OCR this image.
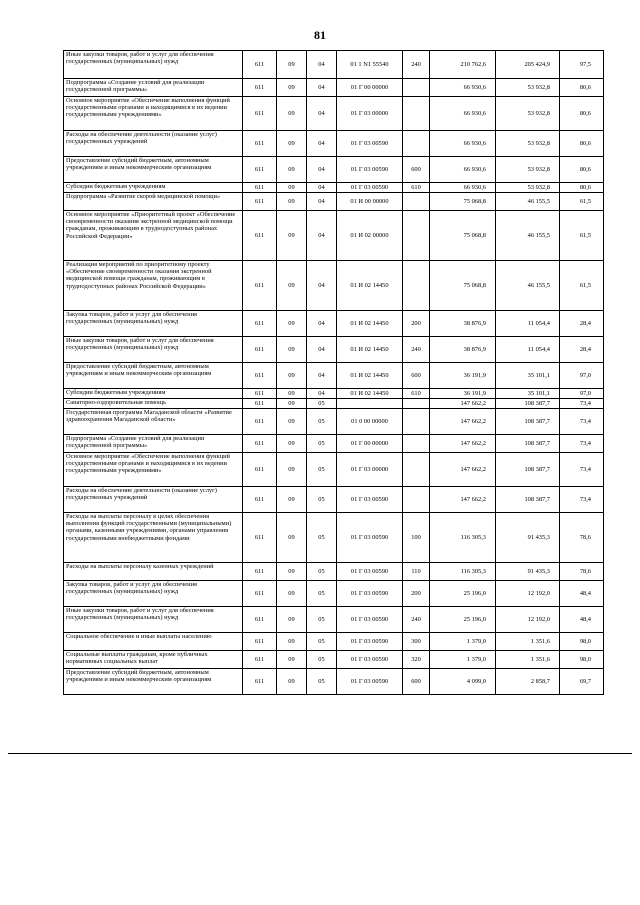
81
Иные закупки товаров, работ и услуг для обеспечения государственных (муниципальных) нужд	611	09	04	01 1 N1 55540	240	210 762,6	205 424,9	97,5
Подпрограмма «Создание условий для реализации государственной программы»	611	09	04	01 Г 00 00000		66 930,6	53 932,8	80,6
Основное мероприятие «Обеспечение выполнения функций государственными органами и находящимися в их ведении государственными учреждениями»	611	09	04	01 Г 03 00000		66 930,6	53 932,8	80,6
Расходы на обеспечение деятельности (оказание услуг) государственных учреждений	611	09	04	01 Г 03 00590		66 930,6	53 932,8	80,6
Предоставление субсидий бюджетным, автономным учреждениям и иным некоммерческим организациям	611	09	04	01 Г 03 00590	600	66 930,6	53 932,8	80,6
Субсидии бюджетным учреждениям	611	09	04	01 Г 03 00590	610	66 930,6	53 932,8	80,6
Подпрограмма «Развитие скорой медицинской помощи»	611	09	04	01 И 00 00000		75 068,8	46 155,5	61,5
Основное мероприятие «Приоритетный проект «Обеспечение своевременности оказания экстренной медицинской помощи гражданам, проживающим в труднодоступных районах Российской Федерации»	611	09	04	01 И 02 00000		75 068,8	46 155,5	61,5
Реализация мероприятий по приоритетному проекту «Обеспечение своевременности оказания экстренной медицинской помощи гражданам, проживающим в труднодоступных районах Российской Федерации»	611	09	04	01 И 02 14450		75 068,8	46 155,5	61,5
Закупка товаров, работ и услуг для обеспечения государственных (муниципальных) нужд	611	09	04	01 И 02 14450	200	38 876,9	11 054,4	28,4
Иные закупки товаров, работ и услуг для обеспечения государственных (муниципальных) нужд	611	09	04	01 И 02 14450	240	38 876,9	11 054,4	28,4
Предоставление субсидий бюджетным, автономным учреждениям и иным некоммерческим организациям	611	09	04	01 И 02 14450	600	36 191,9	35 101,1	97,0
Субсидии бюджетным учреждениям	611	09	04	01 И 02 14450	610	36 191,9	35 101,1	97,0
Санаторно-оздоровительная помощь	611	09	05			147 662,2	108 387,7	73,4
Государственная программа Магаданской области «Развитие здравоохранения Магаданской области»	611	09	05	01 0 00 00000		147 662,2	108 387,7	73,4
Подпрограмма «Создание условий для реализации государственной программы»	611	09	05	01 Г 00 00000		147 662,2	108 387,7	73,4
Основное мероприятие «Обеспечение выполнения функций государственными органами и находящимися в их ведении государственными учреждениями»	611	09	05	01 Г 03 00000		147 662,2	108 387,7	73,4
Расходы на обеспечение деятельности (оказание услуг) государственных учреждений	611	09	05	01 Г 03 00590		147 662,2	108 387,7	73,4
Расходы на выплаты персоналу в целях обеспечения выполнения функций государственными (муниципальными) органами, казенными учреждениями, органами управления государственными внебюджетными фондами	611	09	05	01 Г 03 00590	100	116 305,3	91 435,3	78,6
Расходы на выплаты персоналу казенных учреждений	611	09	05	01 Г 03 00590	110	116 305,3	91 435,3	78,6
Закупка товаров, работ и услуг для обеспечения государственных (муниципальных) нужд	611	09	05	01 Г 03 00590	200	25 196,0	12 192,0	48,4
Иные закупки товаров, работ и услуг для обеспечения государственных (муниципальных) нужд	611	09	05	01 Г 03 00590	240	25 196,0	12 192,0	48,4
Социальное обеспечение и иные выплаты населению	611	09	05	01 Г 03 00590	300	1 379,0	1 351,6	98,0
Социальные выплаты гражданам, кроме публичных нормативных социальных выплат	611	09	05	01 Г 03 00590	320	1 379,0	1 351,6	98,0
Предоставление субсидий бюджетным, автономным учреждениям и иным некоммерческим организациям	611	09	05	01 Г 03 00590	600	4 099,0	2 858,7	69,7
